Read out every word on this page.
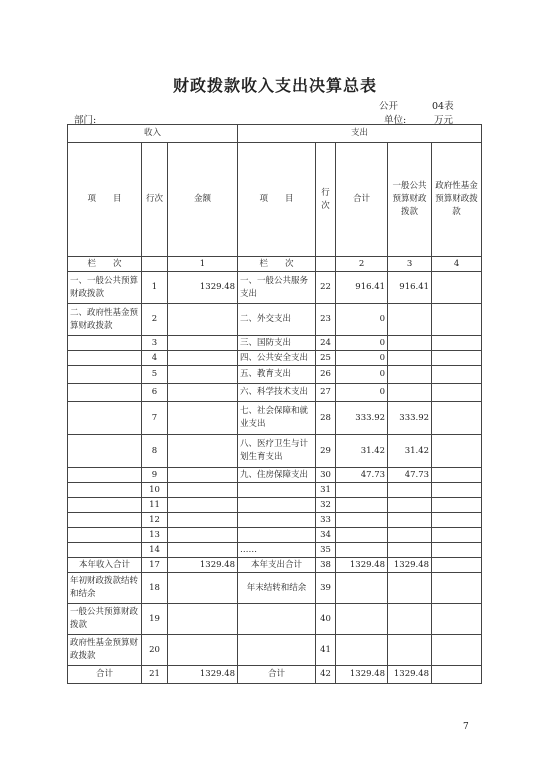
财政拨款收入支出决算总表
公开	04表
部门:	单位:	万元
收入			支出				
项　　目	行次	金额	项　　目	行次	合计	一般公共预算财政拨款	政府性基金预算财政拨款
栏　　次		1	栏　　次		2	3	4
一、一般公共预算财政拨款	1	1329.48	一、一般公共服务支出	22	916.41	916.41	
二、政府性基金预算财政拨款	2		二、外交支出	23	0		
	3		三、国防支出	24	0		
	4		四、公共安全支出	25	0		
	5		五、教育支出	26	0		
	6		六、科学技术支出	27	0		
	7		七、社会保障和就业支出	28	333.92	333.92	
	8		八、医疗卫生与计划生育支出	29	31.42	31.42	
	9		九、住房保障支出	30	47.73	47.73	
	10			31			
	11			32			
	12			33			
	13			34			
	14		……	35			
本年收入合计	17	1329.48	本年支出合计	38	1329.48	1329.48	
年初财政拨款结转和结余	18		年末结转和结余	39			
一般公共预算财政拨款	19			40			
政府性基金预算财政拨款	20			41			
合计	21	1329.48	合计	42	1329.48	1329.48	
7
